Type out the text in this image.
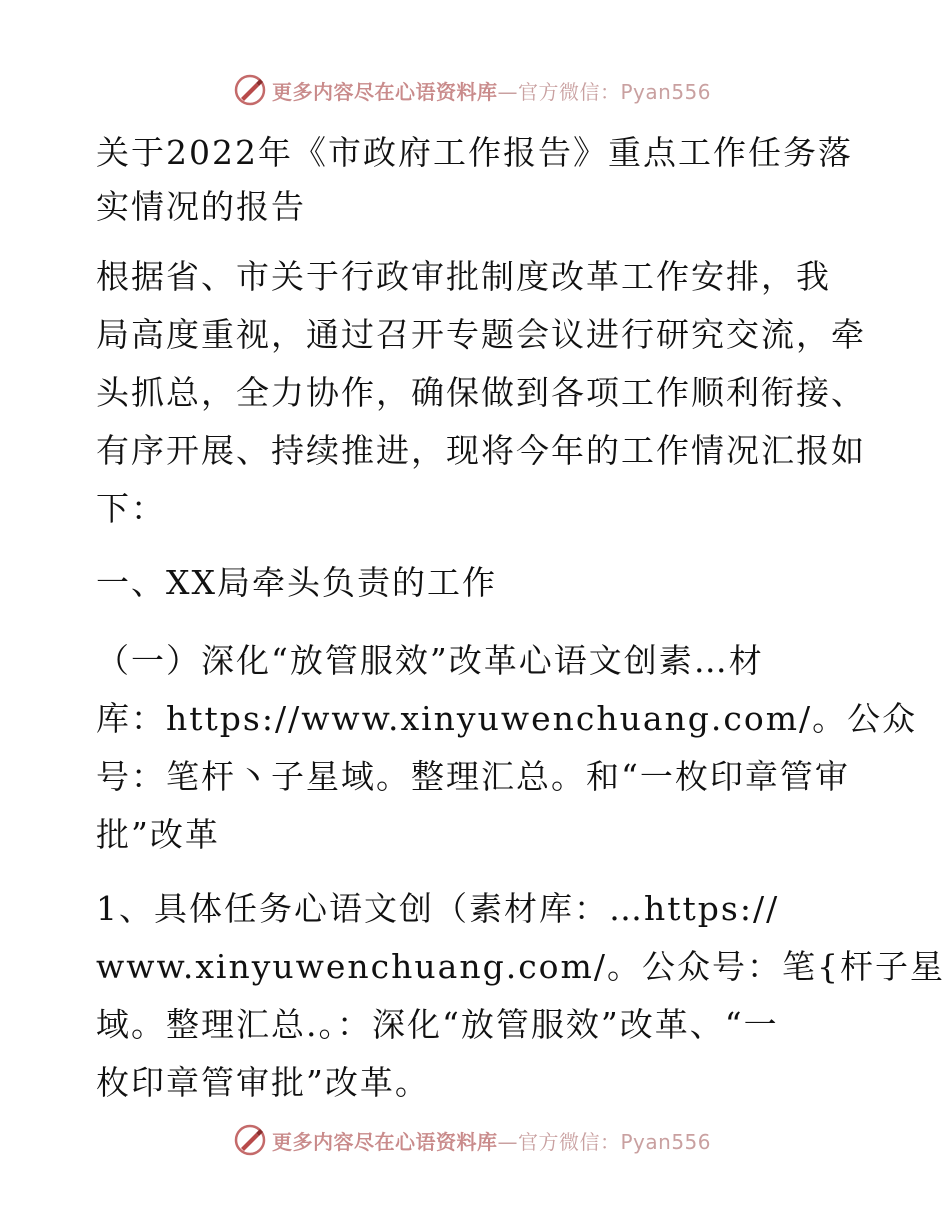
更多内容尽在心语资料库—官方微信：Pyan556
关于2022年《市政府工作报告》重点工作任务落
实情况的报告
根据省、市关于行政审批制度改革工作安排，我
局高度重视，通过召开专题会议进行研究交流，牵
头抓总，全力协作，确保做到各项工作顺利衔接、
有序开展、持续推进，现将今年的工作情况汇报如
下：
一、XX局牵头负责的工作
（一）深化“放管服效”改革心语文创素…材
库：https://www.xinyuwenchuang.com/。公众
号：笔杆丶子星域。整理汇总。和“一枚印章管审
批”改革
1、具体任务心语文创（素材库：…https://
www.xinyuwenchuang.com/。公众号：笔{杆子星
域。整理汇总.。：深化“放管服效”改革、“一
枚印章管审批”改革。
更多内容尽在心语资料库—官方微信：Pyan556
